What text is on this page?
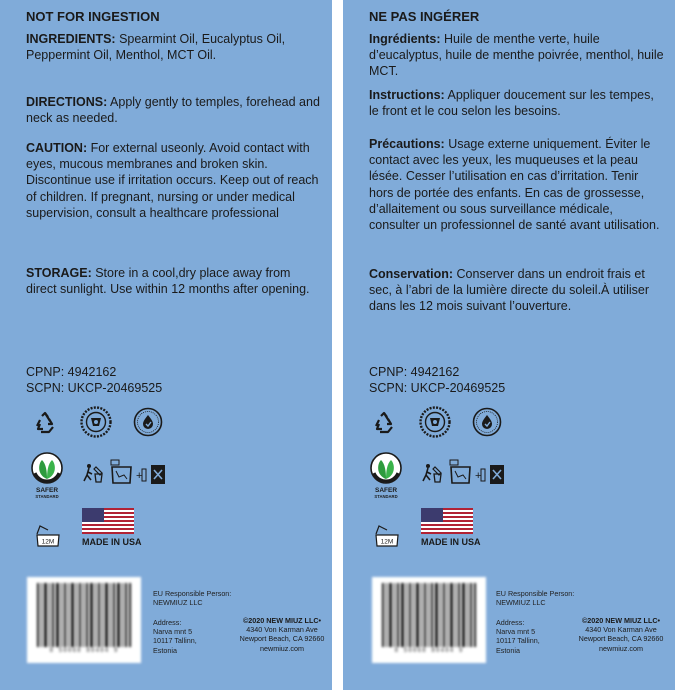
NOT FOR INGESTION
INGREDIENTS: Spearmint Oil, Eucalyptus Oil, Peppermint Oil, Menthol, MCT Oil.
DIRECTIONS: Apply gently to temples, forehead and neck as needed.
CAUTION: For external useonly. Avoid contact with eyes, mucous membranes and broken skin. Discontinue use if irritation occurs. Keep out of reach of children. If pregnant, nursing or under medical supervision, consult a healthcare professional
STORAGE: Store in a cool,dry place away from direct sunlight. Use within 12 months after opening.
CPNP: 4942162
SCPN: UKCP-20469525
SAFER
STANDARD
+
12M	MADE IN USA
8 50068 80404 9
EU Responsible Person:
NEWMIUZ LLC
Address:
Narva mnt 5
10117 Tallinn,
Estonia
©2020 NEW MIUZ LLC•
4340 Von Karman Ave
Newport Beach, CA 92660
newmiuz.com
NE PAS INGÉRER
Ingrédients: Huile de menthe verte, huile d’eucalyptus, huile de menthe poivrée, menthol, huile MCT.
Instructions: Appliquer doucement sur les tempes, le front et le cou selon les besoins.
Précautions: Usage externe uniquement. Éviter le contact avec les yeux, les muqueuses et la peau lésée. Cesser l’utilisation en cas d’irritation. Tenir hors de portée des enfants. En cas de grossesse, d’allaitement ou sous surveillance médicale, consulter un professionnel de santé avant utilisation.
Conservation: Conserver dans un endroit frais et sec, à l’abri de la lumière directe du soleil.À utiliser dans les 12 mois suivant l’ouverture.
CPNP: 4942162
SCPN: UKCP-20469525
SAFER
STANDARD
+
12M	MADE IN USA
8 50068 80404 9
EU Responsible Person:
NEWMIUZ LLC
Address:
Narva mnt 5
10117 Tallinn,
Estonia
©2020 NEW MIUZ LLC•
4340 Von Karman Ave
Newport Beach, CA 92660
newmiuz.com
